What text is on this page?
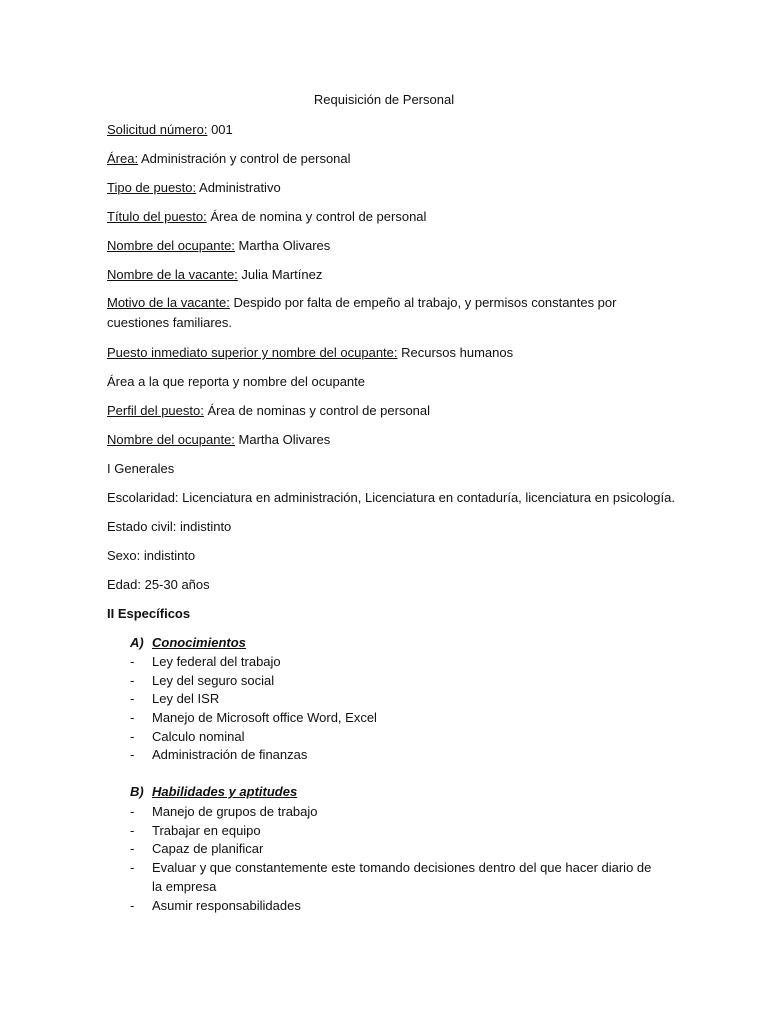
Requisición de Personal
Solicitud número: 001
Área: Administración y control de personal
Tipo de puesto: Administrativo
Título del puesto: Área de nomina y control de personal
Nombre del ocupante: Martha Olivares
Nombre de la vacante: Julia Martínez
Motivo de la vacante: Despido por falta de empeño al trabajo, y permisos constantes por cuestiones familiares.
Puesto inmediato superior y nombre del ocupante: Recursos humanos
Área a la que reporta y nombre del ocupante
Perfil del puesto: Área de nominas y control de personal
Nombre del ocupante: Martha Olivares
I Generales
Escolaridad: Licenciatura en administración, Licenciatura en contaduría, licenciatura en psicología.
Estado civil: indistinto
Sexo: indistinto
Edad: 25-30 años
II Específicos
A) Conocimientos
- Ley federal del trabajo
- Ley del seguro social
- Ley del ISR
- Manejo de Microsoft office Word, Excel
- Calculo nominal
- Administración de finanzas
B) Habilidades y aptitudes
- Manejo de grupos de trabajo
- Trabajar en equipo
- Capaz de planificar
- Evaluar y que constantemente este tomando decisiones dentro del que hacer diario de la empresa
- Asumir responsabilidades
